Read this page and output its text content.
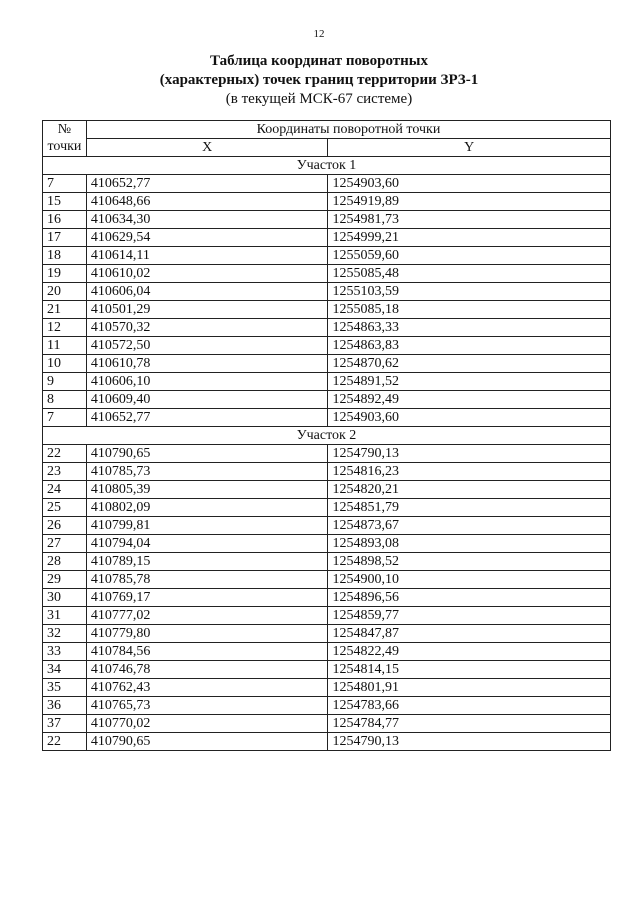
12
Таблица координат поворотных
(характерных) точек границ территории ЗРЗ-1
(в текущей МСК-67 системе)
№
точки	Координаты поворотной точки	
	X	Y
Участок 1		
7	410652,77	1254903,60
15	410648,66	1254919,89
16	410634,30	1254981,73
17	410629,54	1254999,21
18	410614,11	1255059,60
19	410610,02	1255085,48
20	410606,04	1255103,59
21	410501,29	1255085,18
12	410570,32	1254863,33
11	410572,50	1254863,83
10	410610,78	1254870,62
9	410606,10	1254891,52
8	410609,40	1254892,49
7	410652,77	1254903,60
Участок 2		
22	410790,65	1254790,13
23	410785,73	1254816,23
24	410805,39	1254820,21
25	410802,09	1254851,79
26	410799,81	1254873,67
27	410794,04	1254893,08
28	410789,15	1254898,52
29	410785,78	1254900,10
30	410769,17	1254896,56
31	410777,02	1254859,77
32	410779,80	1254847,87
33	410784,56	1254822,49
34	410746,78	1254814,15
35	410762,43	1254801,91
36	410765,73	1254783,66
37	410770,02	1254784,77
22	410790,65	1254790,13
